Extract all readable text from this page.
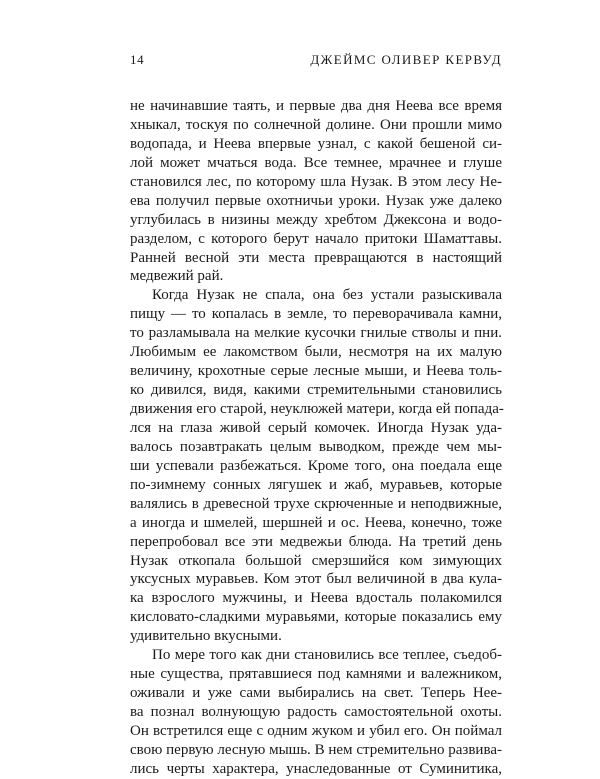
14	ДЖЕЙМС ОЛИВЕР КЕРВУД

не начинавшие таять, и первые два дня Неева все время
хныкал, тоскуя по солнечной долине. Они прошли мимо
водопада, и Неева впервые узнал, с какой бешеной си-
лой может мчаться вода. Все темнее, мрачнее и глуше
становился лес, по которому шла Нузак. В этом лесу Не-
ева получил первые охотничьи уроки. Нузак уже далеко
углубилась в низины между хребтом Джексона и водо-
разделом, с которого берут начало притоки Шаматтавы.
Ранней весной эти места превращаются в настоящий
медвежий рай.

Когда Нузак не спала, она без устали разыскивала
пищу — то копалась в земле, то переворачивала камни,
то разламывала на мелкие кусочки гнилые стволы и пни.
Любимым ее лакомством были, несмотря на их малую
величину, крохотные серые лесные мыши, и Неева толь-
ко дивился, видя, какими стремительными становились
движения его старой, неуклюжей матери, когда ей попада-
лся на глаза живой серый комочек. Иногда Нузак уда-
валось позавтракать целым выводком, прежде чем мы-
ши успевали разбежаться. Кроме того, она поедала еще
по-зимнему сонных лягушек и жаб, муравьев, которые
валялись в древесной трухе скрюченные и неподвижные,
а иногда и шмелей, шершней и ос. Неева, конечно, тоже
перепробовал все эти медвежьи блюда. На третий день
Нузак откопала большой смерзшийся ком зимующих
уксусных муравьев. Ком этот был величиной в два кула-
ка взрослого мужчины, и Неева вдосталь полакомился
кисловато-сладкими муравьями, которые показались ему
удивительно вкусными.

По мере того как дни становились все теплее, съедоб-
ные существа, прятавшиеся под камнями и валежником,
оживали и уже сами выбирались на свет. Теперь Нее-
ва познал волнующую радость самостоятельной охоты.
Он встретился еще с одним жуком и убил его. Он поймал
свою первую лесную мышь. В нем стремительно развива-
лись черты характера, унаследованные от Суминитика,
